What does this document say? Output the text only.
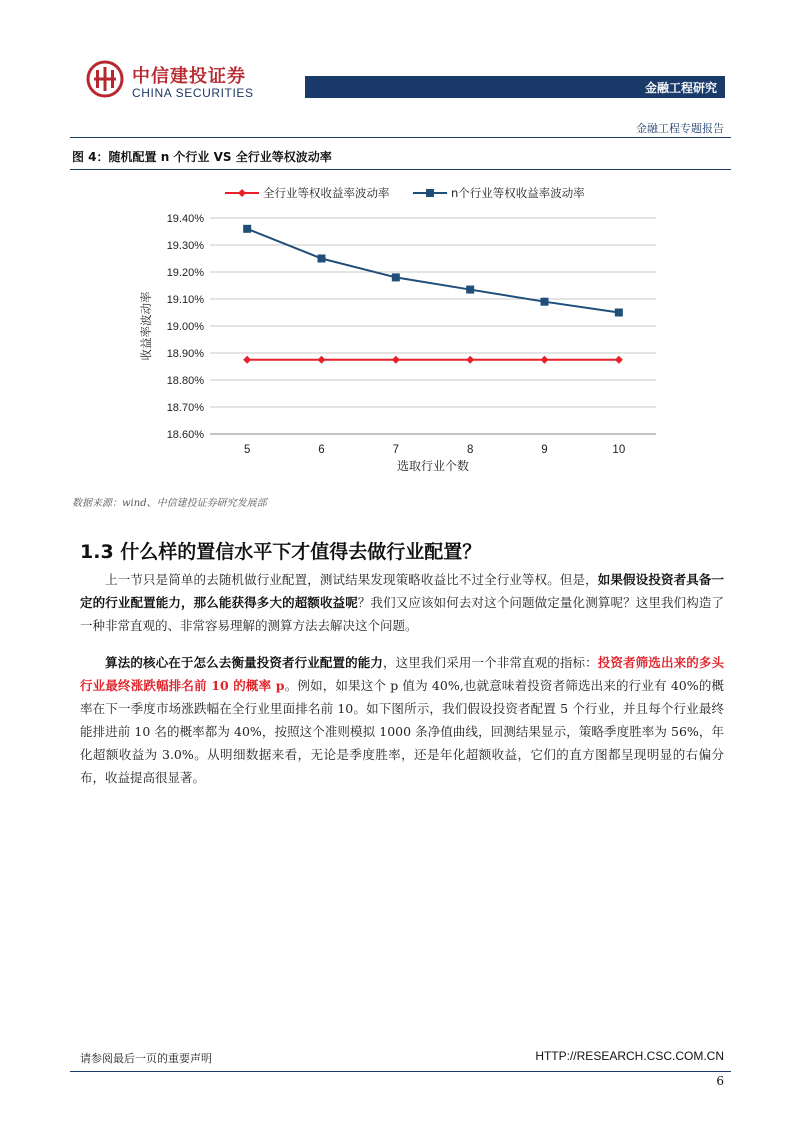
中信建投证券
CHINA SECURITIES	金融工程研究
金融工程专题报告
图 4：随机配置 n 个行业 VS 全行业等权波动率
全行业等权收益率波动率	n个行业等权收益率波动率
18.60%
18.70%
18.80%
18.90%
19.00%
19.10%
19.20%
19.30%
19.40%
5	6	7	8	9	10
收益率波动率
选取行业个数
数据来源：wind、中信建投证券研究发展部
1.3 什么样的置信水平下才值得去做行业配置？
上一节只是简单的去随机做行业配置，测试结果发现策略收益比不过全行业等权。但是，如果假设投资者具备一定的行业配置能力，那么能获得多大的超额收益呢？我们又应该如何去对这个问题做定量化测算呢？这里我们构造了一种非常直观的、非常容易理解的测算方法去解决这个问题。
算法的核心在于怎么去衡量投资者行业配置的能力，这里我们采用一个非常直观的指标：投资者筛选出来的多头行业最终涨跌幅排名前 10 的概率 p。例如，如果这个 p 值为 40%,也就意味着投资者筛选出来的行业有 40%的概率在下一季度市场涨跌幅在全行业里面排名前 10。如下图所示，我们假设投资者配置 5 个行业，并且每个行业最终能排进前 10 名的概率都为 40%，按照这个准则模拟 1000 条净值曲线，回测结果显示，策略季度胜率为 56%，年化超额收益为 3.0%。从明细数据来看，无论是季度胜率，还是年化超额收益，它们的直方图都呈现明显的右偏分布，收益提高很显著。
请参阅最后一页的重要声明	HTTP://RESEARCH.CSC.COM.CN
6
